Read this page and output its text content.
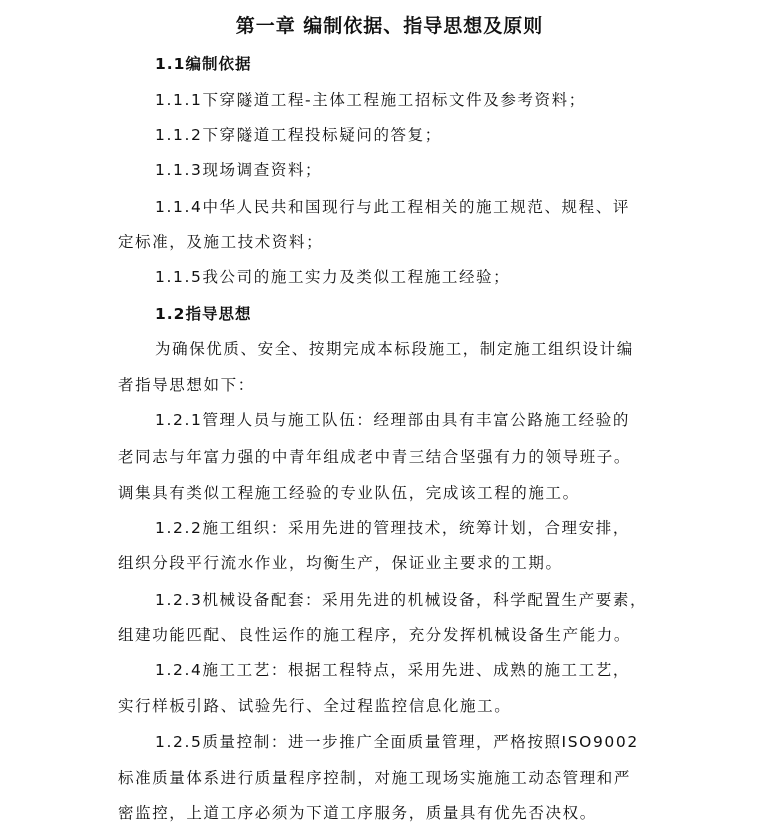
第一章 编制依据、指导思想及原则
1.1编制依据
1.1.1下穿隧道工程-主体工程施工招标文件及参考资料；
1.1.2下穿隧道工程投标疑问的答复；
1.1.3现场调查资料；
1.1.4中华人民共和国现行与此工程相关的施工规范、规程、评
定标准，及施工技术资料；
1.1.5我公司的施工实力及类似工程施工经验；
1.2指导思想
为确保优质、安全、按期完成本标段施工，制定施工组织设计编
者指导思想如下：
1.2.1管理人员与施工队伍：经理部由具有丰富公路施工经验的
老同志与年富力强的中青年组成老中青三结合坚强有力的领导班子。
调集具有类似工程施工经验的专业队伍，完成该工程的施工。
1.2.2施工组织：采用先进的管理技术，统筹计划，合理安排，
组织分段平行流水作业，均衡生产，保证业主要求的工期。
1.2.3机械设备配套：采用先进的机械设备，科学配置生产要素，
组建功能匹配、良性运作的施工程序，充分发挥机械设备生产能力。
1.2.4施工工艺：根据工程特点，采用先进、成熟的施工工艺，
实行样板引路、试验先行、全过程监控信息化施工。
1.2.5质量控制：进一步推广全面质量管理，严格按照ISO9002
标准质量体系进行质量程序控制，对施工现场实施施工动态管理和严
密监控，上道工序必须为下道工序服务，质量具有优先否决权。
